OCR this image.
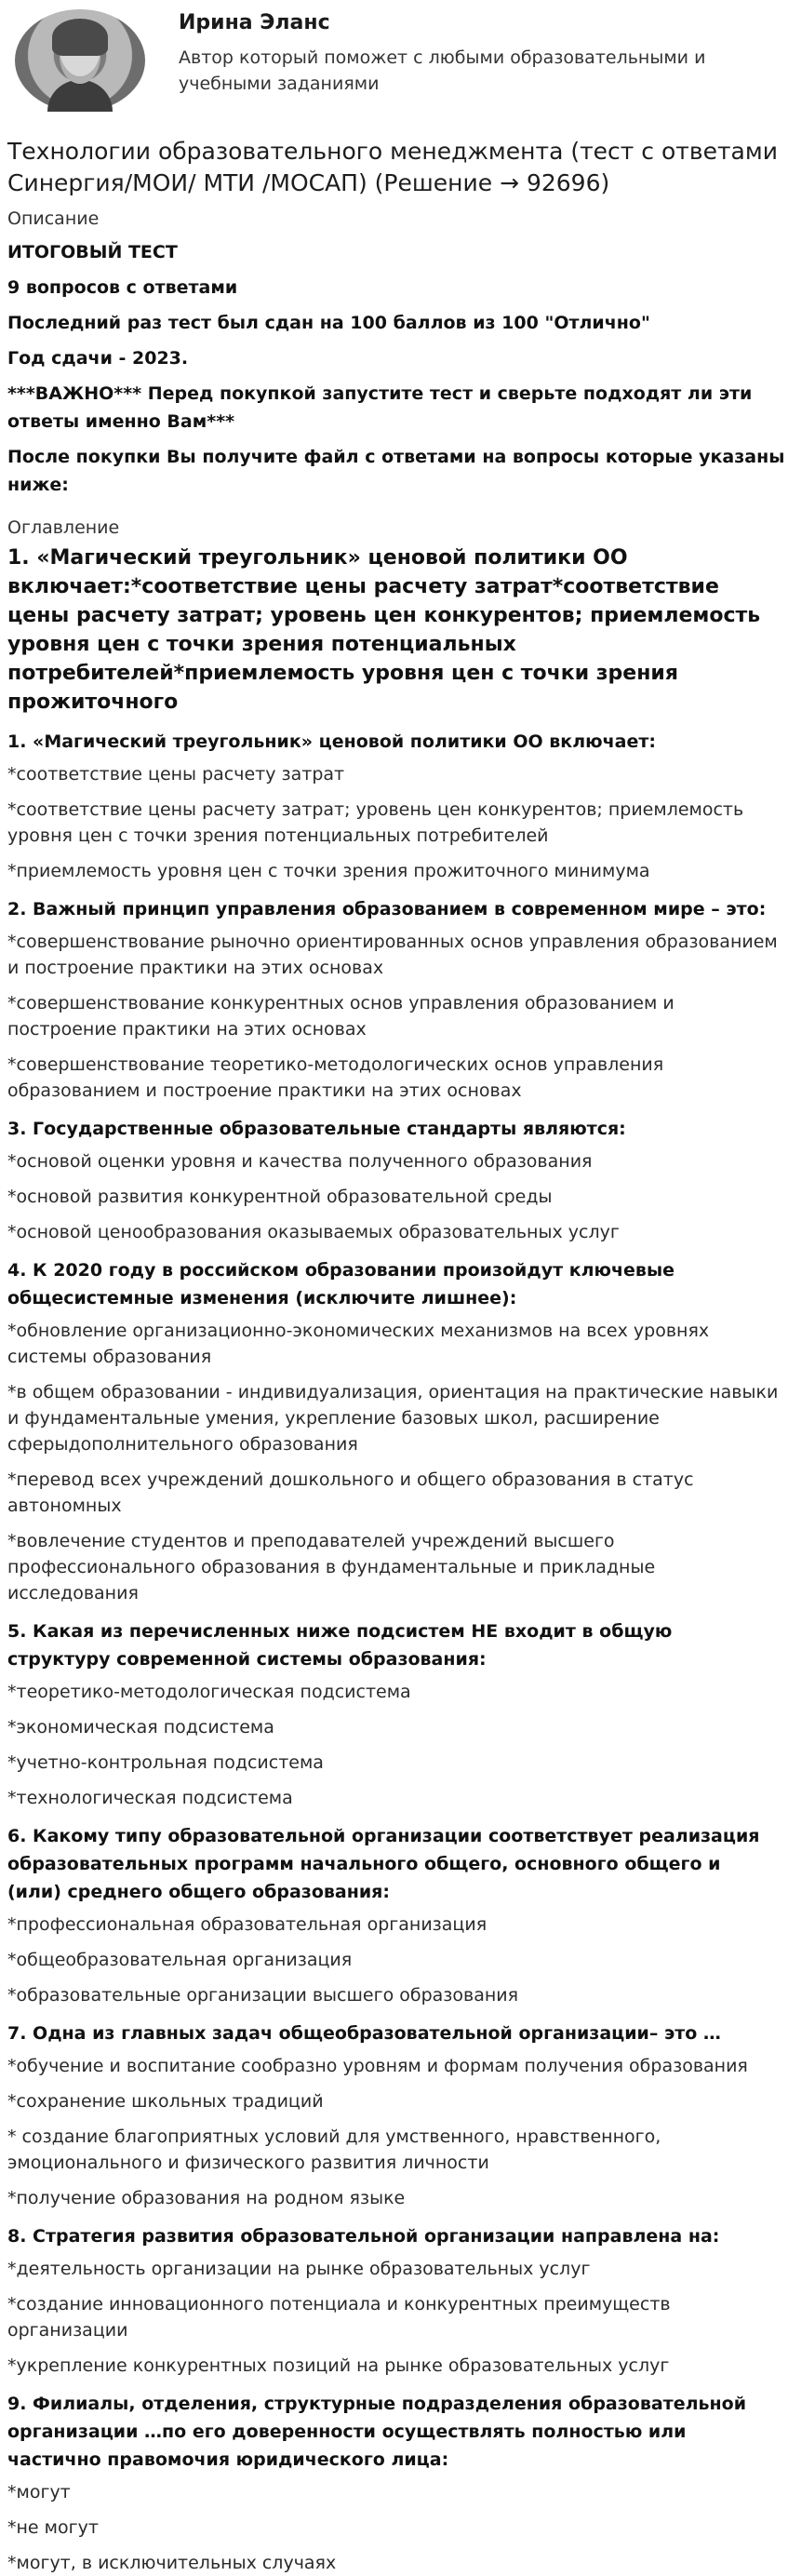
Ирина Эланс

Автор который поможет с любыми образовательными и учебными заданиями

Технологии образовательного менеджмента (тест с ответами Синергия/МОИ/ МТИ /МОСАП) (Решение → 92696)
Описание

ИТОГОВЫЙ ТЕСТ

9 вопросов с ответами

Последний раз тест был сдан на 100 баллов из 100 "Отлично"

Год сдачи - 2023.

***ВАЖНО*** Перед покупкой запустите тест и сверьте подходят ли эти ответы именно Вам***

После покупки Вы получите файл с ответами на вопросы которые указаны ниже:

Оглавление
1. «Магический треугольник» ценовой политики ОО включает:*соответствие цены расчету затрат*соответствие цены расчету затрат; уровень цен конкурентов; приемлемость уровня цен с точки зрения потенциальных потребителей*приемлемость уровня цен с точки зрения прожиточного

1. «Магический треугольник» ценовой политики ОО включает:

*соответствие цены расчету затрат

*соответствие цены расчету затрат; уровень цен конкурентов; приемлемость уровня цен с точки зрения потенциальных потребителей

*приемлемость уровня цен с точки зрения прожиточного минимума

2. Важный принцип управления образованием в современном мире – это:

*совершенствование рыночно ориентированных основ управления образованием и построение практики на этих основах

*совершенствование конкурентных основ управления образованием и построение практики на этих основах

*совершенствование теоретико-методологических основ управления образованием и построение практики на этих основах

3. Государственные образовательные стандарты являются:

*основой оценки уровня и качества полученного образования

*основой развития конкурентной образовательной среды

*основой ценообразования оказываемых образовательных услуг

4. К 2020 году в российском образовании произойдут ключевые общесистемные изменения (исключите лишнее):

*обновление организационно-экономических механизмов на всех уровнях системы образования

*в общем образовании - индивидуализация, ориентация на практические навыки и фундаментальные умения, укрепление базовых школ, расширение сферыдополнительного образования

*перевод всех учреждений дошкольного и общего образования в статус автономных

*вовлечение студентов и преподавателей учреждений высшего профессионального образования в фундаментальные и прикладные исследования

5. Какая из перечисленных ниже подсистем НЕ входит в общую структуру современной системы образования:

*теоретико-методологическая подсистема

*экономическая подсистема

*учетно-контрольная подсистема

*технологическая подсистема

6. Какому типу образовательной организации соответствует реализация образовательных программ начального общего, основного общего и (или) среднего общего образования:

*профессиональная образовательная организация

*общеобразовательная организация

*образовательные организации высшего образования

7. Одна из главных задач общеобразовательной организации– это …

*обучение и воспитание сообразно уровням и формам получения образования

*сохранение школьных традиций

* создание благоприятных условий для умственного, нравственного, эмоционального и физического развития личности

*получение образования на родном языке

8. Стратегия развития образовательной организации направлена на:

*деятельность организации на рынке образовательных услуг

*создание инновационного потенциала и конкурентных преимуществ организации

*укрепление конкурентных позиций на рынке образовательных услуг

9. Филиалы, отделения, структурные подразделения образовательной организации …по его доверенности осуществлять полностью или частично правомочия юридического лица:

*могут

*не могут

*могут, в исключительных случаях
